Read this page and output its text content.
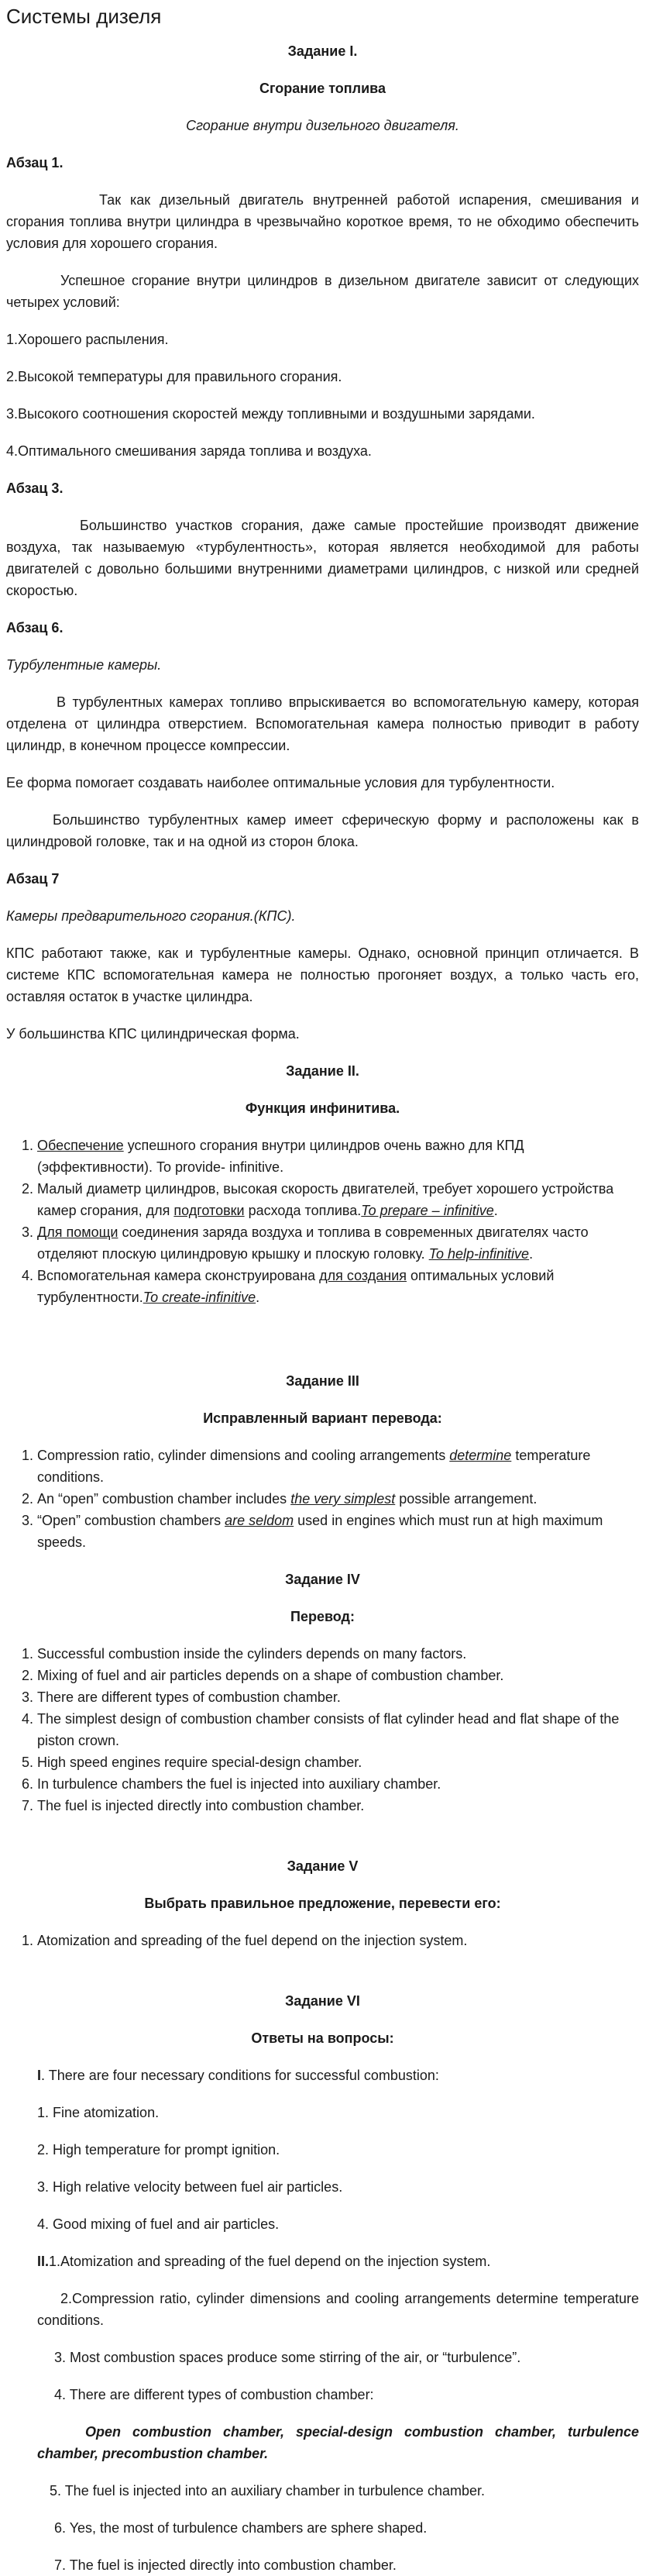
Системы дизеля

Задание I.

Сгорание топлива

Сгорание внутри дизельного двигателя.

Абзац 1.

Так как дизельный двигатель внутренней работой испарения, смешивания и сгорания топлива внутри цилиндра в чрезвычайно короткое время, то не обходимо обеспечить условия для хорошего сгорания.

Успешное сгорание внутри цилиндров в дизельном двигателе зависит от следующих четырех условий:

1.Хорошего распыления.

2.Высокой температуры для правильного сгорания.

3.Высокого соотношения скоростей между топливными и воздушными зарядами.

4.Оптимального смешивания заряда топлива и воздуха.

Абзац 3.

Большинство участков сгорания, даже самые простейшие производят движение воздуха, так называемую «турбулентность», которая является необходимой для работы двигателей с довольно большими внутренними диаметрами цилиндров, с низкой или средней скоростью.

Абзац 6.

Турбулентные камеры.

В турбулентных камерах топливо впрыскивается во вспомогательную камеру, которая отделена от цилиндра отверстием. Вспомогательная камера полностью приводит в работу цилиндр, в конечном процессе компрессии.

Ее форма помогает создавать наиболее оптимальные условия для турбулентности.

Большинство турбулентных камер имеет сферическую форму и расположены как в цилиндровой головке, так и на одной из сторон блока.

Абзац 7

Камеры предварительного сгорания.(КПС).

КПС работают также, как и турбулентные камеры. Однако, основной принцип отличается. В системе КПС вспомогательная камера не полностью прогоняет воздух, а только часть его, оставляя остаток в участке цилиндра.

У большинства КПС цилиндрическая форма.

Задание II.

Функция инфинитива.

1. Обеспечение успешного сгорания внутри цилиндров очень важно для КПД (эффективности). To provide- infinitive.
2. Малый диаметр цилиндров, высокая скорость двигателей, требует хорошего устройства камер сгорания, для подготовки расхода топлива.To prepare – infinitive.
3. Для помощи соединения заряда воздуха и топлива в современных двигателях часто отделяют плоскую цилиндровую крышку и плоскую головку. To help-infinitive.
4. Вспомогательная камера сконструирована для создания оптимальных условий турбулентности.To create-infinitive.

Задание III

Исправленный вариант перевода:

1. Compression ratio, cylinder dimensions and cooling arrangements determine temperature conditions.
2. An “open” combustion chamber includes the very simplest possible arrangement.
3. “Open” combustion chambers are seldom used in engines which must run at high maximum speeds.

Задание IV

Перевод:

1. Successful combustion inside the cylinders depends on many factors.
2. Mixing of fuel and air particles depends on a shape of combustion chamber.
3. There are different types of combustion chamber.
4. The simplest design of combustion chamber consists of flat cylinder head and flat shape of the piston crown.
5. High speed engines require special-design chamber.
6. In turbulence chambers the fuel is injected into auxiliary chamber.
7. The fuel is injected directly into combustion chamber.

Задание V

Выбрать правильное предложение, перевести его:

1. Atomization and spreading of the fuel depend on the injection system.

Задание VI

Ответы на вопросы:

I. There are four necessary conditions for successful combustion:

1. Fine atomization.

2. High temperature for prompt ignition.

3. High relative velocity between fuel air particles.

4. Good mixing of fuel and air particles.

II.1.Atomization and spreading of the fuel depend on the injection system.

2.Compression ratio, cylinder dimensions and cooling arrangements determine temperature conditions.

3. Most combustion spaces produce some stirring of the air, or “turbulence”.

4. There are different types of combustion chamber:

Open combustion chamber, special-design combustion chamber, turbulence chamber, precombustion chamber.

5. The fuel is injected into an auxiliary chamber in turbulence chamber.

6. Yes, the most of turbulence chambers are sphere shaped.

7. The fuel is injected directly into combustion chamber.
